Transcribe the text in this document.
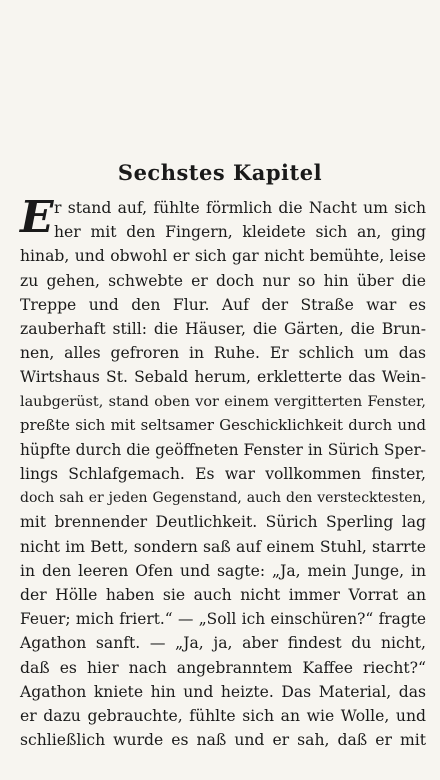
Sechstes Kapitel
E r stand auf, fühlte förmlich die Nacht um sich
her mit den Fingern, kleidete sich an, ging
hinab, und obwohl er sich gar nicht bemühte, leise
zu gehen, schwebte er doch nur so hin über die
Treppe und den Flur. Auf der Straße war es
zauberhaft still: die Häuser, die Gärten, die Brun-
nen, alles gefroren in Ruhe. Er schlich um das
Wirtshaus St. Sebald herum, erkletterte das Wein-
laubgerüst, stand oben vor einem vergitterten Fenster,
preßte sich mit seltsamer Geschicklichkeit durch und
hüpfte durch die geöffneten Fenster in Sürich Sper-
lings Schlafgemach. Es war vollkommen finster,
doch sah er jeden Gegenstand, auch den verstecktesten,
mit brennender Deutlichkeit. Sürich Sperling lag
nicht im Bett, sondern saß auf einem Stuhl, starrte
in den leeren Ofen und sagte: „Ja, mein Junge, in
der Hölle haben sie auch nicht immer Vorrat an
Feuer; mich friert.“ — „Soll ich einschüren?“ fragte
Agathon sanft. — „Ja, ja, aber findest du nicht,
daß es hier nach angebranntem Kaffee riecht?“
Agathon kniete hin und heizte. Das Material, das
er dazu gebrauchte, fühlte sich an wie Wolle, und
schließlich wurde es naß und er sah, daß er mit
